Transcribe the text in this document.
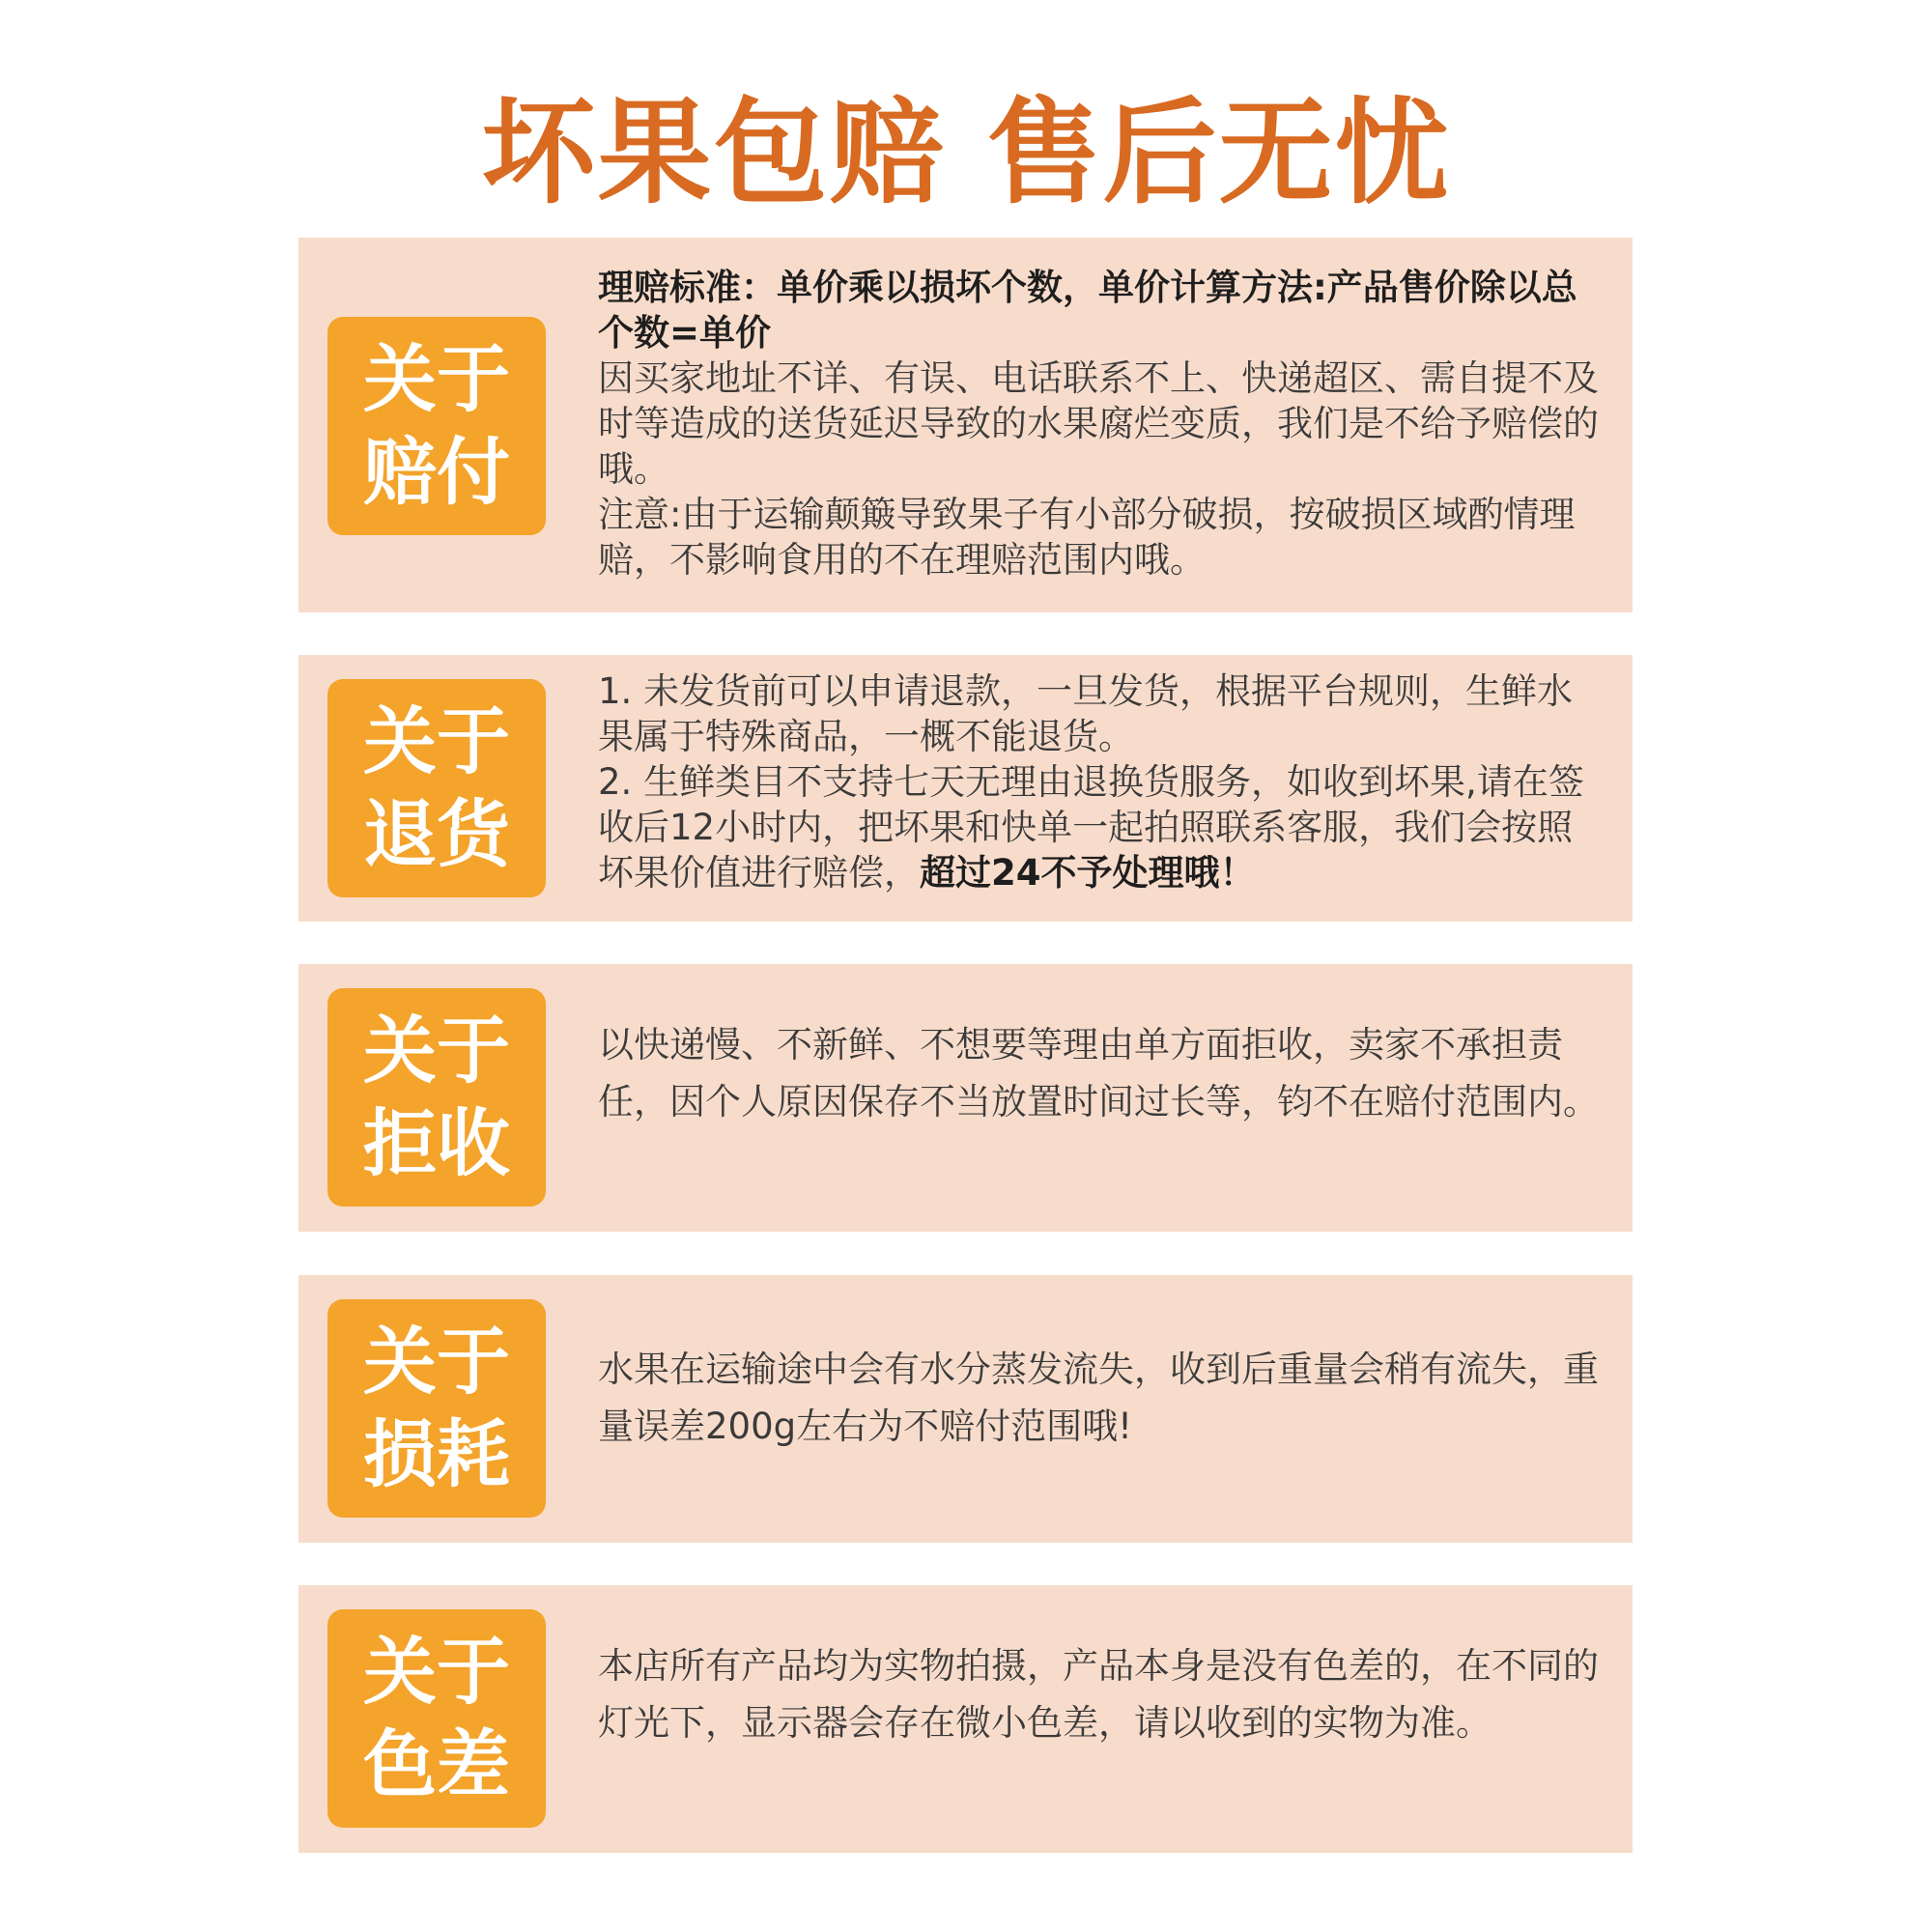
坏果包赔 售后无忧
关于
赔付

理赔标准：单价乘以损坏个数，单价计算方法:产品售价除以总个数=单价

因买家地址不详、有误、电话联系不上、快递超区、需自提不及时等造成的送货延迟导致的水果腐烂变质，我们是不给予赔偿的哦。

注意:由于运输颠簸导致果子有小部分破损，按破损区域酌情理赔，不影响食用的不在理赔范围内哦。

关于
退货

1. 未发货前可以申请退款，一旦发货，根据平台规则，生鲜水果属于特殊商品，一概不能退货。

2. 生鲜类目不支持七天无理由退换货服务，如收到坏果,请在签收后12小时内，把坏果和快单一起拍照联系客服，我们会按照坏果价值进行赔偿，超过24不予处理哦！

关于
拒收

以快递慢、不新鲜、不想要等理由单方面拒收，卖家不承担责任，因个人原因保存不当放置时间过长等，钧不在赔付范围内。

关于
损耗

水果在运输途中会有水分蒸发流失，收到后重量会稍有流失，重量误差200g左右为不赔付范围哦!

关于
色差

本店所有产品均为实物拍摄，产品本身是没有色差的，在不同的灯光下，显示器会存在微小色差，请以收到的实物为准。
